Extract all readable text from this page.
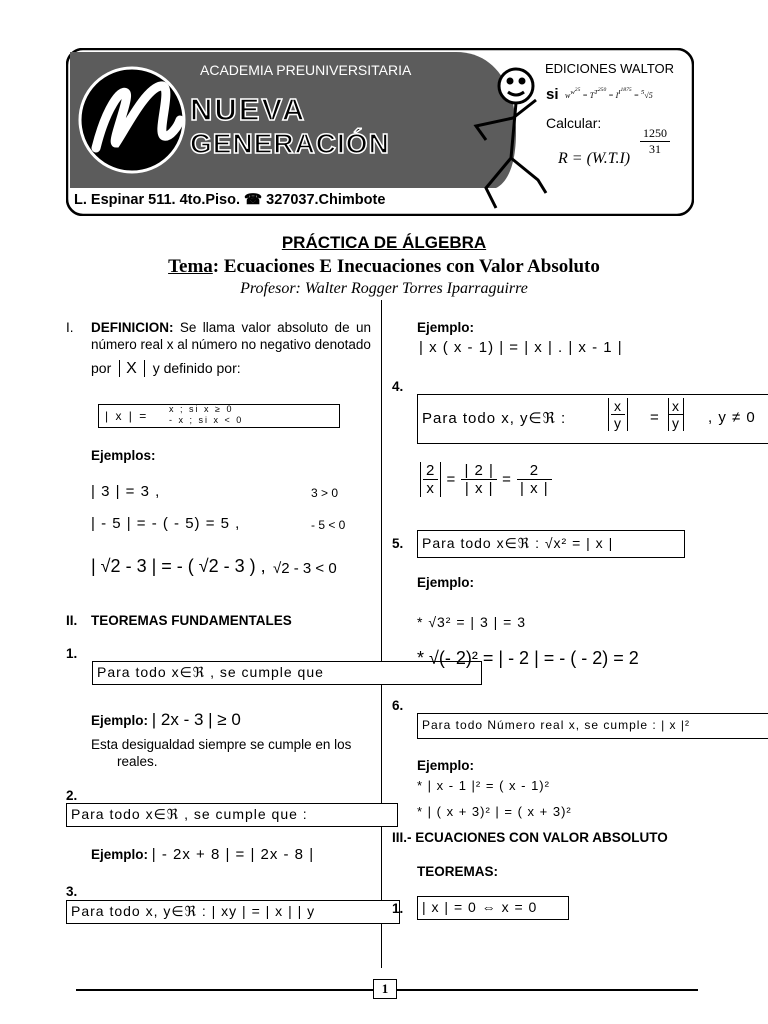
ACADEMIA PREUNIVERSITARIA
NUEVA
GENERACIÓN
L. Espinar 511. 4to.Piso. ☎ 327037.Chimbote
EDICIONES WALTOR
si $w^{w^{25}} = T^{T^{250}} = I^{I^{1875}} = ^5√5$
Calcular:
$\frac{1250}{31}$
R = (W.T.I)
PRÁCTICA DE ÁLGEBRA
Tema: Ecuaciones E Inecuaciones con Valor Absoluto
Profesor: Walter Rogger Torres Iparraguirre
I. DEFINICION: Se llama valor absoluto de un número real x al número no negativo denotado
por X y definido por:
| x | = x ; si x ≥ 0
- x ; si x < 0
Ejemplos:
| 3 | = 3 ,	3 > 0
| - 5 | = - ( - 5) = 5 ,	- 5 < 0
| √2 - 3 | = - ( √2 - 3 ) , √2 - 3 < 0
II. TEOREMAS FUNDAMENTALES
1.
Para todo x∈ℜ , se cumple que
Ejemplo: | 2x - 3 | ≥ 0
Esta desigualdad siempre se cumple en los
reales.
2.
Para todo x∈ℜ , se cumple que :
Ejemplo: | - 2x + 8 | = | 2x - 8 |
3.
Para todo x, y∈ℜ : | xy | = | x | | y
Ejemplo:
| x ( x - 1) | = | x | . | x - 1 |
4.
Para todo x, y∈ℜ :	$\frac{x}{y} = \frac{x}{y}$ , y ≠ 0
$\frac{2}{x} = \frac{| 2 |}{| x |} = \frac{2}{| x |}$
5. Para todo x∈ℜ : √x² = | x |
Ejemplo:
* √3² = | 3 | = 3
* √(- 2)² = | - 2 | = - ( - 2) = 2
6.
Para todo Número real x, se cumple : | x |²
Ejemplo:
* | x - 1 |² = ( x - 1)²
* | ( x + 3)² | = ( x + 3)²
III.- ECUACIONES CON VALOR ABSOLUTO
TEOREMAS:
1. | x | = 0 ⇔ x = 0
1
